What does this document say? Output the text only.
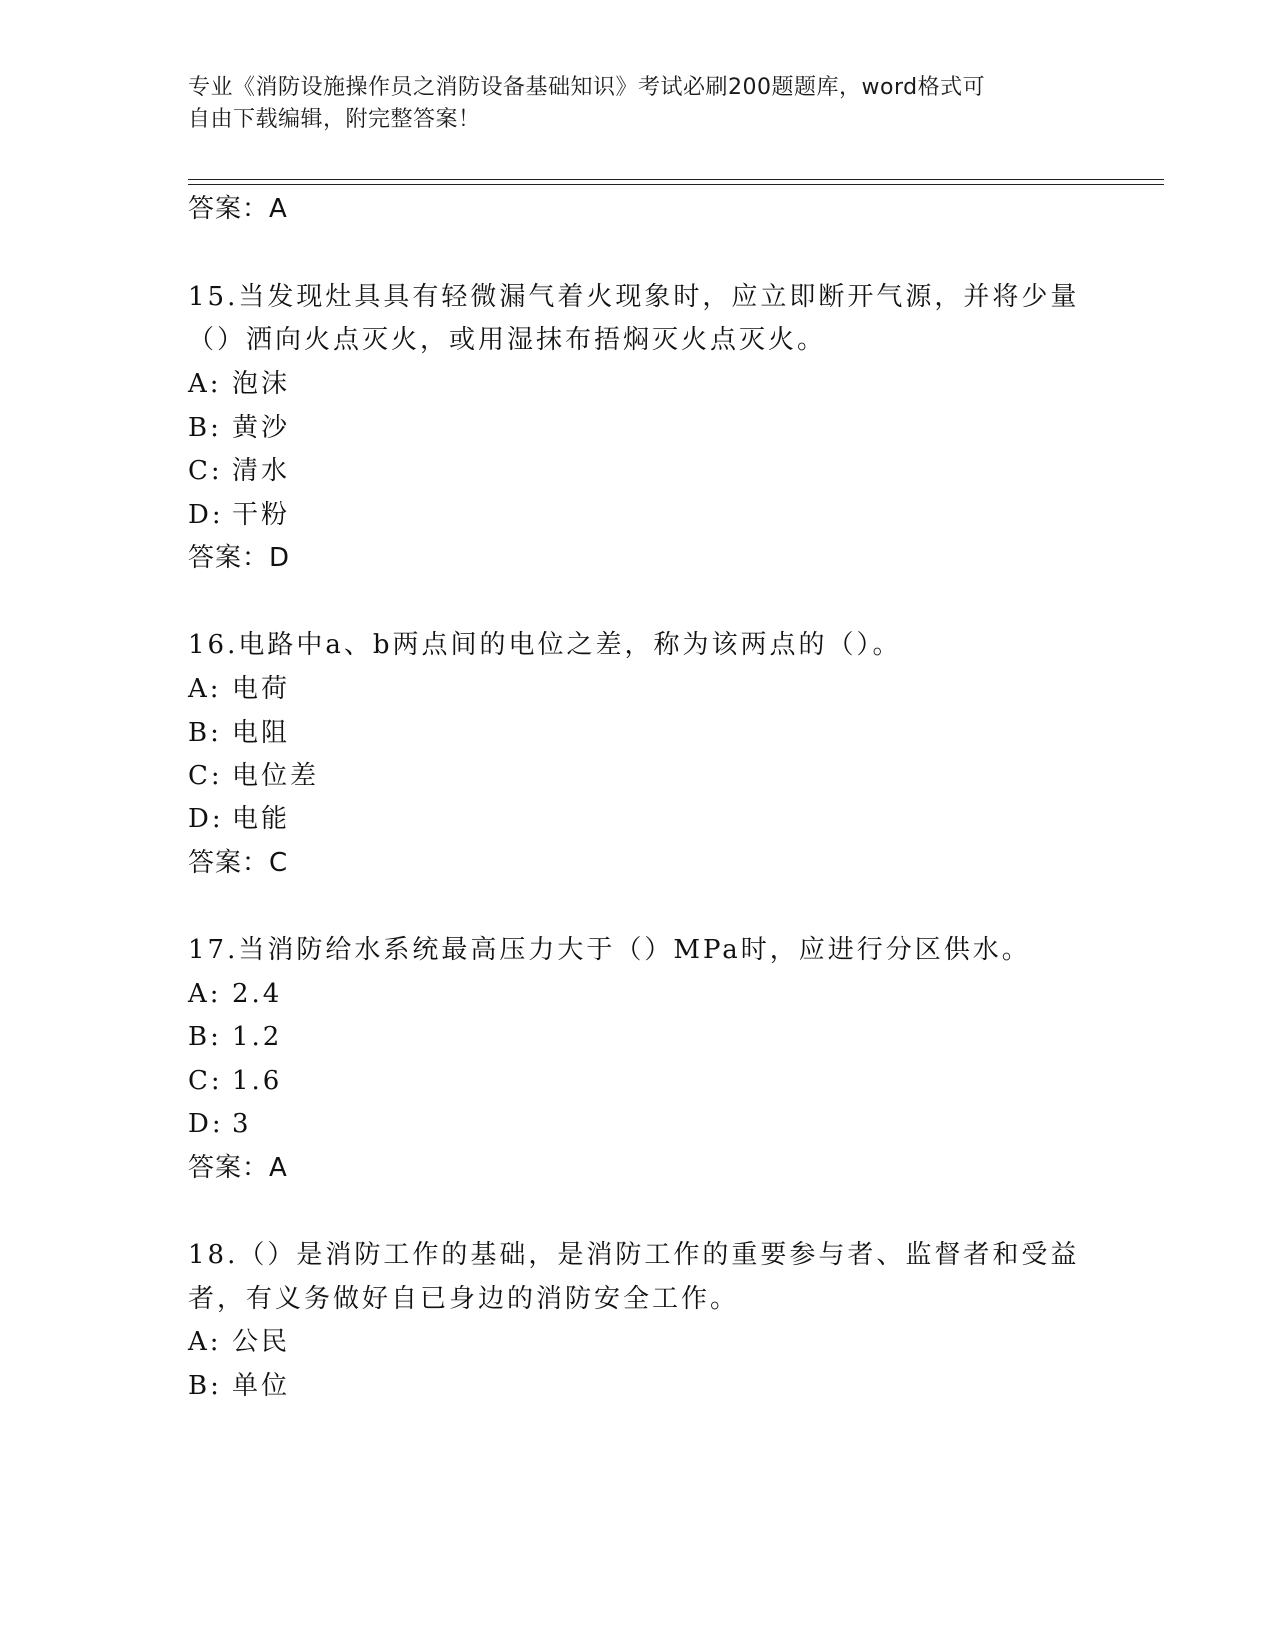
专业《消防设施操作员之消防设备基础知识》考试必刷200题题库，word格式可
自由下载编辑，附完整答案！
答案：A
15.当发现灶具具有轻微漏气着火现象时，应立即断开气源，并将少量
（）洒向火点灭火，或用湿抹布捂焖灭火点灭火。
A: 泡沫
B: 黄沙
C: 清水
D: 干粉
答案：D
16.电路中a、b两点间的电位之差，称为该两点的（）。
A: 电荷
B: 电阻
C: 电位差
D: 电能
答案：C
17.当消防给水系统最高压力大于（）MPa时，应进行分区供水。
A: 2.4
B: 1.2
C: 1.6
D: 3
答案：A
18.（）是消防工作的基础，是消防工作的重要参与者、监督者和受益
者，有义务做好自已身边的消防安全工作。
A: 公民
B: 单位
